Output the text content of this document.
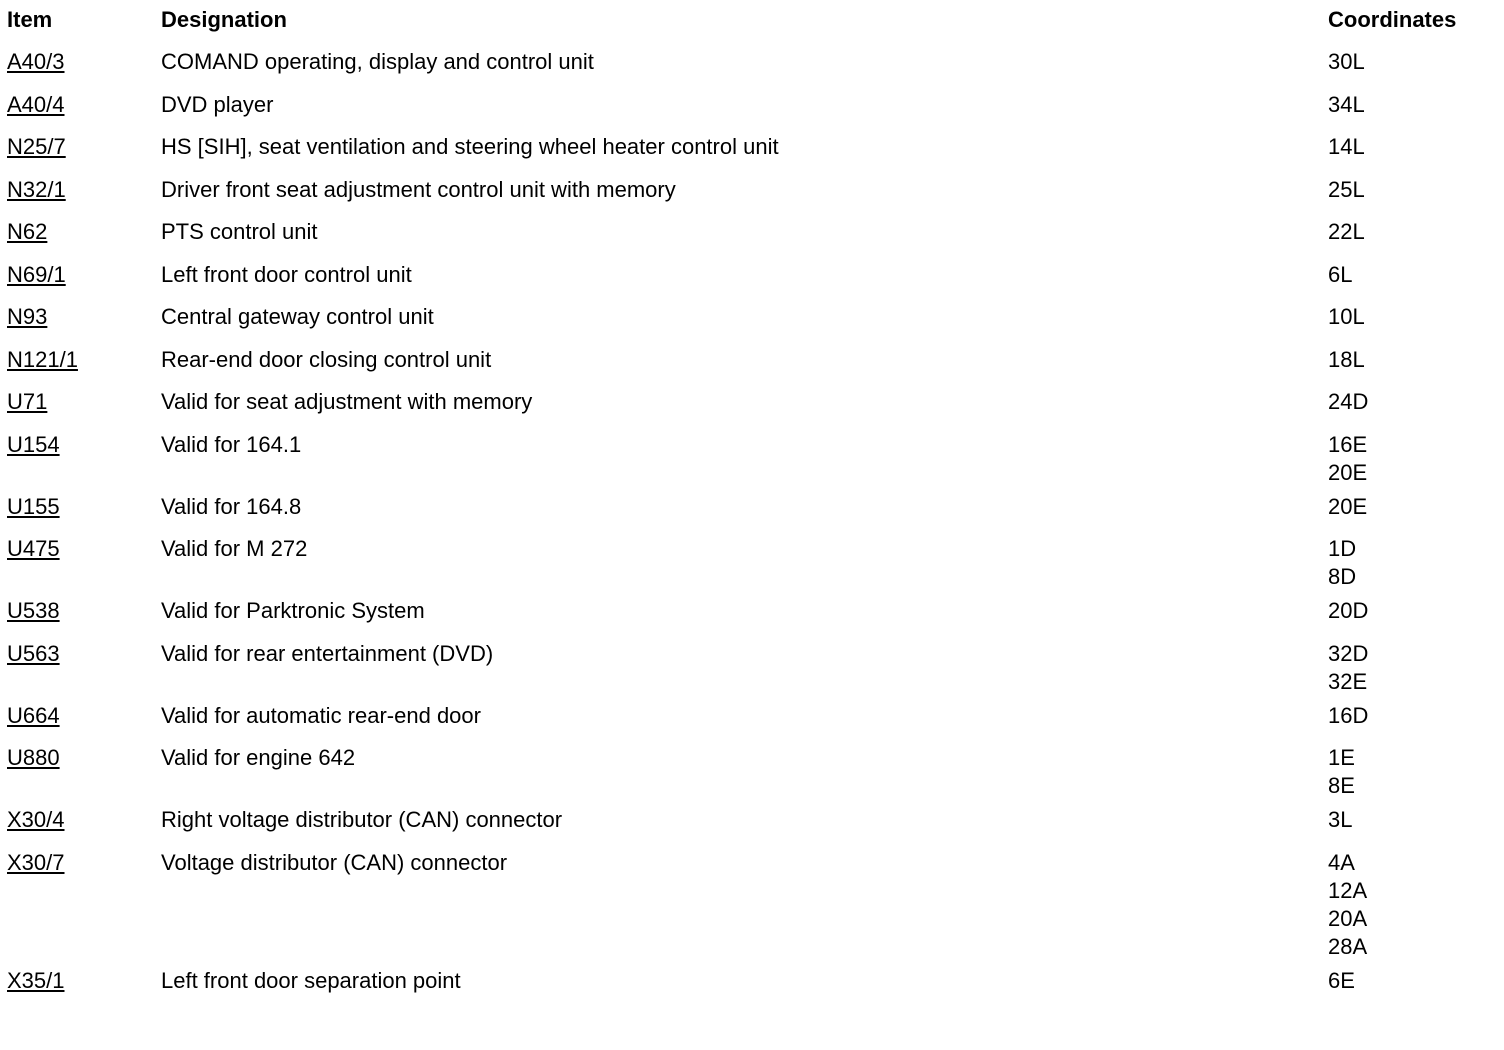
Item	Designation	Coordinates
A40/3	COMAND operating, display and control unit	30L
A40/4	DVD player	34L
N25/7	HS [SIH], seat ventilation and steering wheel heater control unit	14L
N32/1	Driver front seat adjustment control unit with memory	25L
N62	PTS control unit	22L
N69/1	Left front door control unit	6L
N93	Central gateway control unit	10L
N121/1	Rear-end door closing control unit	18L
U71	Valid for seat adjustment with memory	24D
U154	Valid for 164.1	16E
20E
U155	Valid for 164.8	20E
U475	Valid for M 272	1D
8D
U538	Valid for Parktronic System	20D
U563	Valid for rear entertainment (DVD)	32D
32E
U664	Valid for automatic rear-end door	16D
U880	Valid for engine 642	1E
8E
X30/4	Right voltage distributor (CAN) connector	3L
X30/7	Voltage distributor (CAN) connector	4A
12A
20A
28A
X35/1	Left front door separation point	6E
